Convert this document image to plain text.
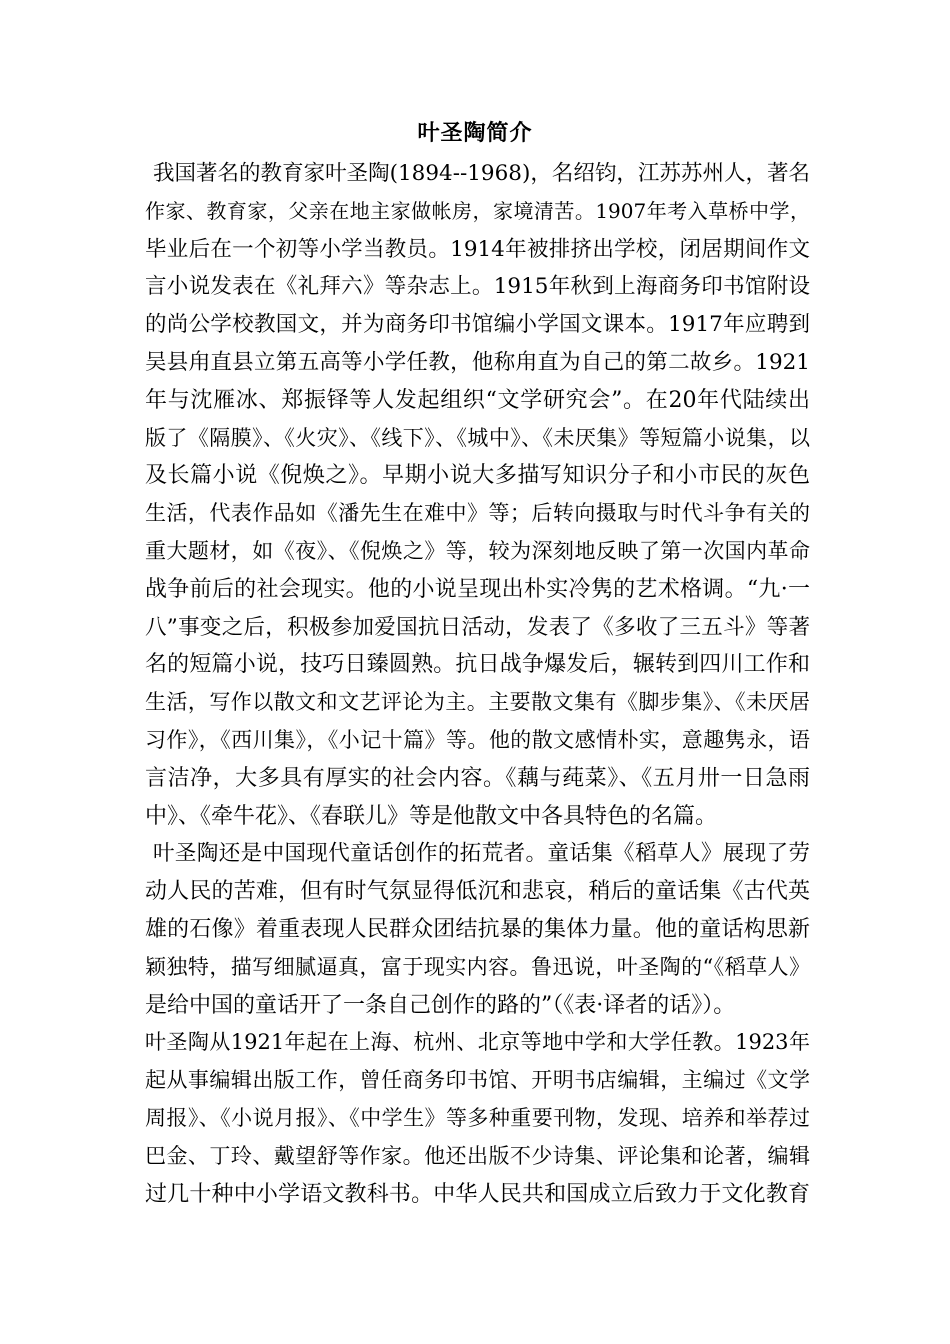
叶圣陶简介
我国著名的教育家叶圣陶(1894--1968)，名绍钧，江苏苏州人，著名
作家、教育家，父亲在地主家做帐房，家境清苦。1907年考入草桥中学，
毕业后在一个初等小学当教员。1914年被排挤出学校，闭居期间作文
言小说发表在《礼拜六》等杂志上。1915年秋到上海商务印书馆附设
的尚公学校教国文，并为商务印书馆编小学国文课本。1917年应聘到
吴县甪直县立第五高等小学任教，他称甪直为自己的第二故乡。1921
年与沈雁冰、郑振铎等人发起组织“文学研究会”。在20年代陆续出
版了《隔膜》、《火灾》、《线下》、《城中》、《未厌集》等短篇小说集，以
及长篇小说《倪焕之》。早期小说大多描写知识分子和小市民的灰色
生活，代表作品如《潘先生在难中》等；后转向摄取与时代斗争有关的
重大题材，如《夜》、《倪焕之》等，较为深刻地反映了第一次国内革命
战争前后的社会现实。他的小说呈现出朴实冷隽的艺术格调。“九·一
八”事变之后，积极参加爱国抗日活动，发表了《多收了三五斗》等著
名的短篇小说，技巧日臻圆熟。抗日战争爆发后，辗转到四川工作和
生活，写作以散文和文艺评论为主。主要散文集有《脚步集》、《未厌居
习作》，《西川集》，《小记十篇》等。他的散文感情朴实，意趣隽永，语
言洁净，大多具有厚实的社会内容。《藕与莼菜》、《五月卅一日急雨
中》、《牵牛花》、《春联儿》等是他散文中各具特色的名篇。
叶圣陶还是中国现代童话创作的拓荒者。童话集《稻草人》展现了劳
动人民的苦难，但有时气氛显得低沉和悲哀，稍后的童话集《古代英
雄的石像》着重表现人民群众团结抗暴的集体力量。他的童话构思新
颖独特，描写细腻逼真，富于现实内容。鲁迅说，叶圣陶的“《稻草人》
是给中国的童话开了一条自己创作的路的”（《表·译者的话》）。
叶圣陶从1921年起在上海、杭州、北京等地中学和大学任教。1923年
起从事编辑出版工作，曾任商务印书馆、开明书店编辑，主编过《文学
周报》、《小说月报》、《中学生》等多种重要刊物，发现、培养和举荐过
巴金、丁玲、戴望舒等作家。他还出版不少诗集、评论集和论著，编辑
过几十种中小学语文教科书。中华人民共和国成立后致力于文化教育
